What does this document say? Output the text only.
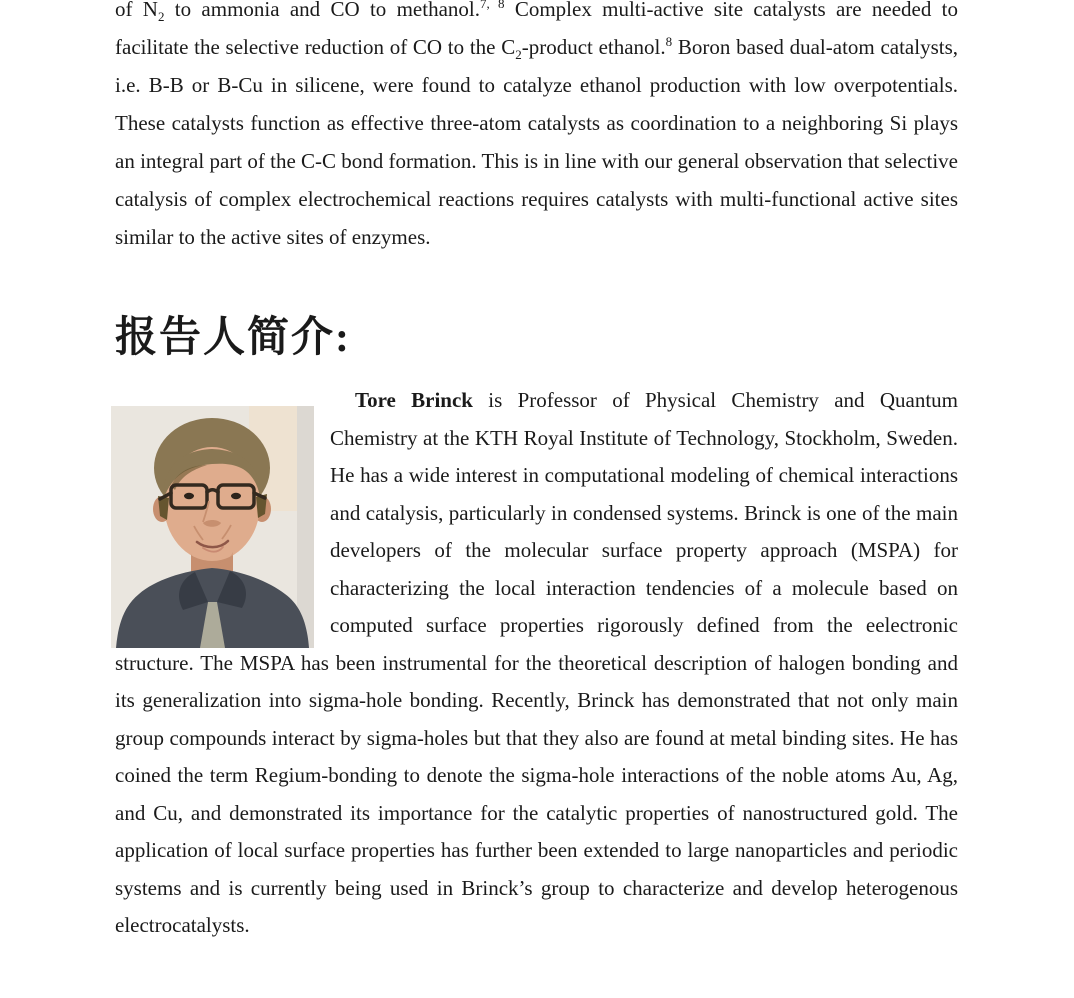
of $N_2$ to ammonia and CO to methanol.$^{7, 8}$ Complex multi-active site catalysts are needed to facilitate the selective reduction of CO to the $C_2$-product ethanol.$^8$ Boron based dual-atom catalysts, i.e. B-B or B-Cu in silicene, were found to catalyze ethanol production with low overpotentials. These catalysts function as effective three-atom catalysts as coordination to a neighboring Si plays an integral part of the C-C bond formation. This is in line with our general observation that selective catalysis of complex electrochemical reactions requires catalysts with multi-functional active sites similar to the active sites of enzymes.

报告人简介:

Tore Brinck is Professor of Physical Chemistry and Quantum Chemistry at the KTH Royal Institute of Technology, Stockholm, Sweden. He has a wide interest in computational modeling of chemical interactions and catalysis, particularly in condensed systems. Brinck is one of the main developers of the molecular surface property approach (MSPA) for characterizing the local interaction tendencies of a molecule based on computed surface properties rigorously defined from the eelectronic structure. The MSPA has been instrumental for the theoretical description of halogen bonding and its generalization into sigma-hole bonding. Recently, Brinck has demonstrated that not only main group compounds interact by sigma-holes but that they also are found at metal binding sites. He has coined the term Regium-bonding to denote the sigma-hole interactions of the noble atoms Au, Ag, and Cu, and demonstrated its importance for the catalytic properties of nanostructured gold. The application of local surface properties has further been extended to large nanoparticles and periodic systems and is currently being used in Brinck’s group to characterize and develop heterogenous electrocatalysts.
